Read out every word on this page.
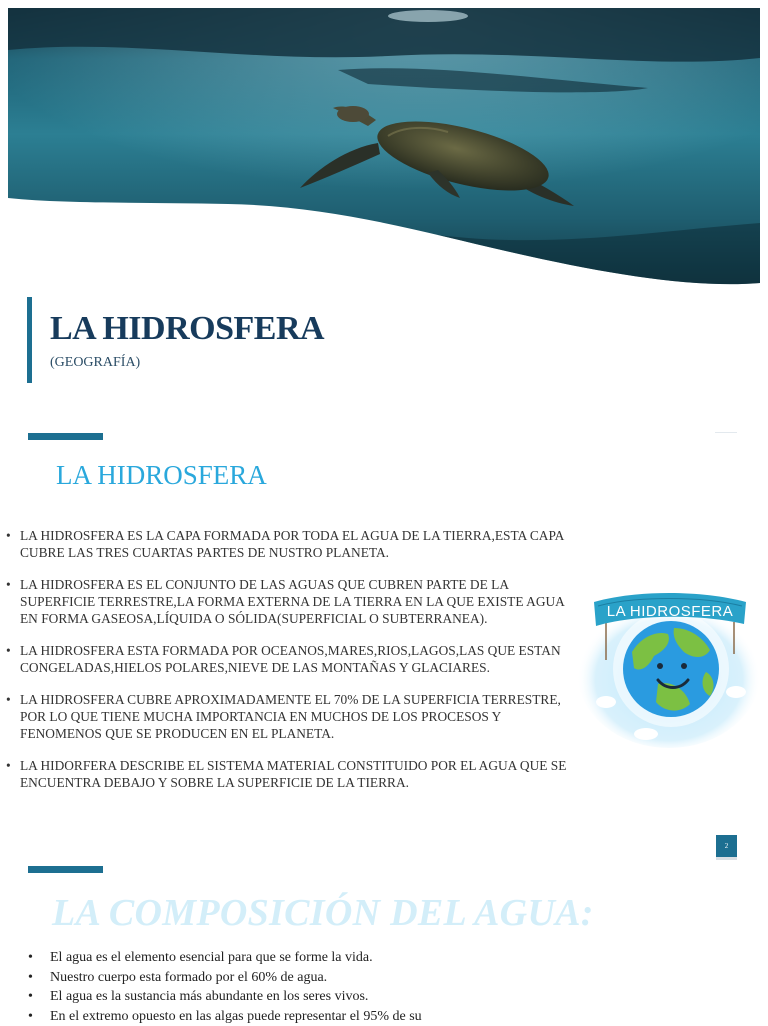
LA HIDROSFERA
(GEOGRAFÍA)
LA HIDROSFERA
• LA HIDROSFERA ES LA CAPA FORMADA POR TODA EL AGUA DE LA TIERRA,ESTA CAPA CUBRE LAS TRES CUARTAS PARTES DE NUSTRO PLANETA.
• LA HIDROSFERA ES EL CONJUNTO DE LAS AGUAS QUE CUBREN PARTE DE LA SUPERFICIE TERRESTRE,LA FORMA EXTERNA DE LA TIERRA EN LA QUE EXISTE AGUA EN FORMA GASEOSA,LÍQUIDA O SÓLIDA(SUPERFICIAL O SUBTERRANEA).
• LA HIDROSFERA ESTA FORMADA POR OCEANOS,MARES,RIOS,LAGOS,LAS QUE ESTAN CONGELADAS,HIELOS POLARES,NIEVE DE LAS MONTAÑAS Y GLACIARES.
• LA HIDROSFERA CUBRE APROXIMADAMENTE EL 70% DE LA SUPERFICIA TERRESTRE, POR LO QUE TIENE MUCHA IMPORTANCIA EN MUCHOS DE LOS PROCESOS Y FENOMENOS QUE SE PRODUCEN EN EL PLANETA.
• LA HIDORFERA DESCRIBE EL SISTEMA MATERIAL CONSTITUIDO POR EL AGUA QUE SE ENCUENTRA DEBAJO Y SOBRE LA SUPERFICIE DE LA TIERRA.
LA HIDROSFERA
2
LA COMPOSICIÓN DEL AGUA:
• El agua es el elemento esencial para que se forme la vida.
• Nuestro cuerpo esta formado por el 60% de agua.
• El agua es la sustancia más abundante en los seres vivos.
• En el extremo opuesto en las algas puede representar el 95% de su
